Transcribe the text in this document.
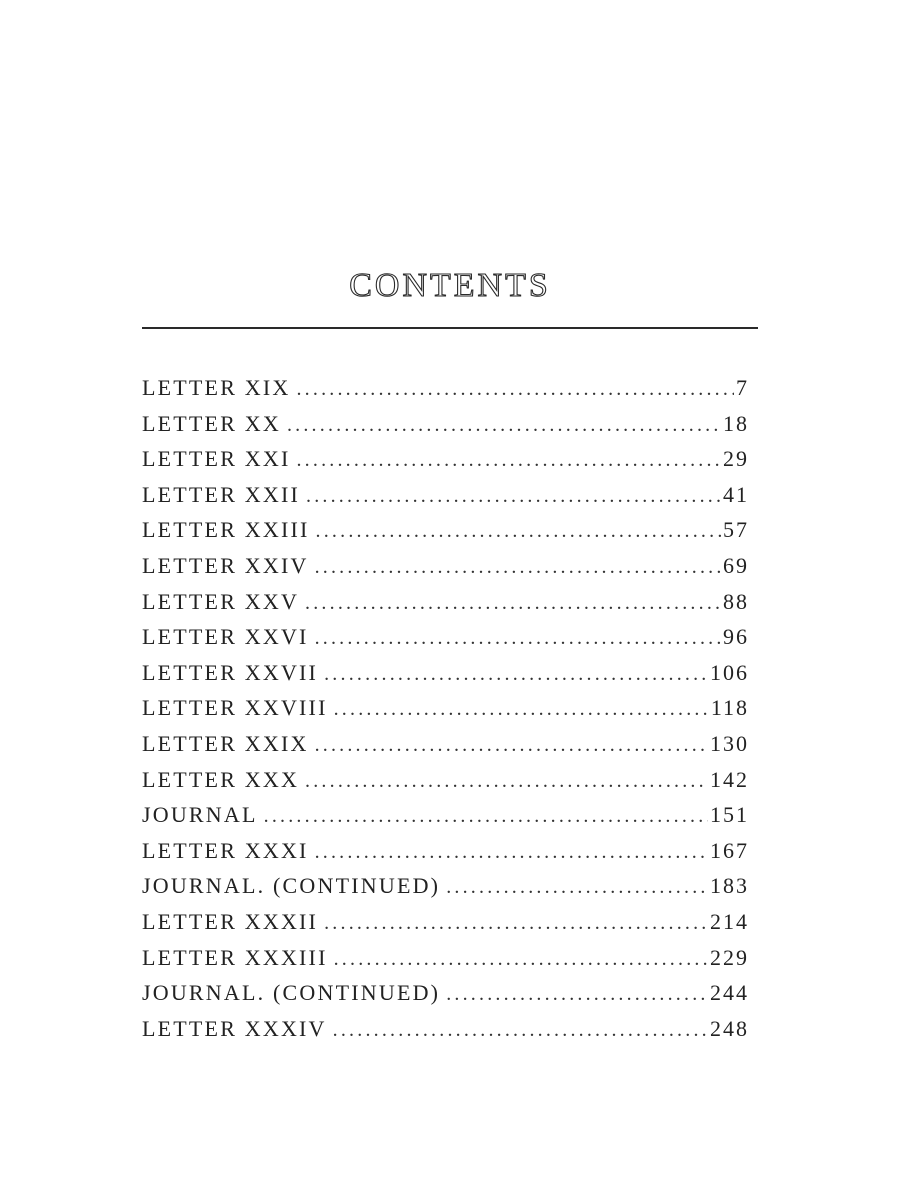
CONTENTS
LETTER XIX .....	7
LETTER XX .....	18
LETTER XXI .....	29
LETTER XXII .....	41
LETTER XXIII .....	57
LETTER XXIV .....	69
LETTER XXV .....	88
LETTER XXVI .....	96
LETTER XXVII .....	106
LETTER XXVIII .....	118
LETTER XXIX .....	130
LETTER XXX .....	142
JOURNAL .....	151
LETTER XXXI .....	167
JOURNAL. (CONTINUED) .....	183
LETTER XXXII .....	214
LETTER XXXIII .....	229
JOURNAL. (CONTINUED) .....	244
LETTER XXXIV .....	248
